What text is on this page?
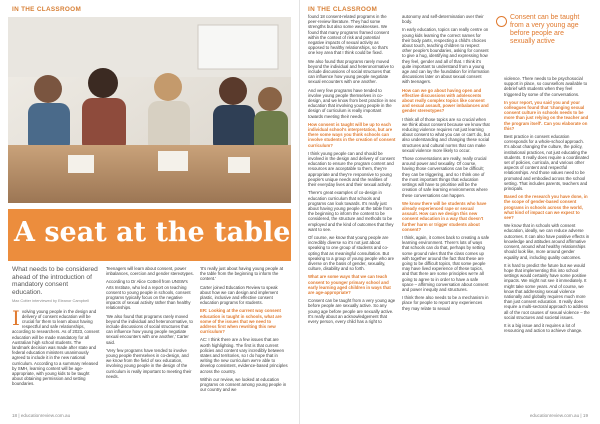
IN THE CLASSROOM
A seat at the table

What needs to be considered ahead of the introduction of mandatory consent education.

Max Cotter interviewed by Eleanor Campbell

Ivolving young people in the design and delivery of consent education will be crucial for them to learn about having respectful and safe relationships, according to researchers. As of 2023, consent education will be made mandatory for all Australian high school students. The landmark decision was made after state and federal education ministers unanimously agreed to include it in the new national curriculum. According to a summary released by SMH, learning content will be age-appropriate, with young kids to be taught about obtaining permission and setting boundaries.

Teenagers will learn about consent, power imbalances, coercion and gender stereotypes.

According to Dr Alice Cottrell from UNSW's Arts Institute, who led a report on teaching consent to young people in schools, consent programs typically focus on the negative impacts of sexual activity rather than healthy relationships.

'We also found that programs rarely moved beyond the individual and heteronormative, to include discussions of social structures that can influence how young people negotiate sexual encounters with one another,' Carter said.

'Very few programs have tended to involve young people themselves in co-design, and we know from the field of sex education, involving young people in the design of the curriculum is really important to meeting their needs.

'It's really just about having young people at the table from the beginning to inform the content.'

Carter joined Education Review to speak about how we can design and implement plastic, inclusive and effective consent education programs for students.

ER: Looking at the current way consent education is taught in schools, what are some of the issues that we need to address first when rewriting this new curriculum?

AC: I think there are a few issues that are worth highlighting. The first is that current policies and content vary incredibly between states and territories, so I do hope that in writing the new curriculum we're able to develop consistent, evidence-based principles across the country.

Within our review, we looked at education programs on consent among young people in our country and we

18 | educationreview.com.au
IN THE CLASSROOM

found 18 consent-related programs in the peer-review literature. They had some strengths but also some weaknesses. We found that many programs framed consent within the context of risk and potential negative impacts of sexual activity as opposed to healthy relationships, so that's one key area that I think could be fixed.

We also found that programs rarely moved beyond the individual and heteronormative to include discussions of social structures that can influence how young people negotiate sexual encounters with one another.

And very few programs have tended to involve young people themselves in co-design, and we know from best practice in sex education that involving young people in the design of curriculum is really important towards meeting their needs.

How consent is taught will be up to each individual school's interpretation, but are there some ways you think schools can involve students in the creation of consent curriculum?

I think young people can and should be involved in the design and delivery of consent education to ensure the program content and resources are acceptable to them, they're appropriate and they're responsive to young people's unique needs and the realities of their everyday lives and their sexual activity.

There's great examples of co-design in education curriculum that schools and programs can look towards. It's really just about having young people at the table from the beginning to inform the content to be considered, the structure and methods to be employed and the kind of outcomes that they want to see.

Of course, we know that young people are incredibly diverse so it's not just about speaking to one group of students and co-opting that as meaningful consultation. But speaking to a group of young people who are diverse on the basis of gender, sexuality, culture, disability and so forth.

What are some ways that we can teach consent to younger primary school and early learning aged children in ways that are age-appropriate?

Consent can be taught from a very young age before people are sexually active. So any young age before people are sexually active. It's really about an acknowledgement that every person, every child has a right to

autonomy and self-determination over their body.

In early education, topics can really centre on young kids learning the correct names for their body parts, respecting a child's choices about touch, teaching children to respect other people's boundaries, asking for consent to give a hug, identifying and expressing how they feel, gender and all of that. I think it's quite important to understand from a young age and can lay the foundation for information discussions later on about sexual consent with teenagers.

How can we go about having open and effective discussions with adolescents about really complex topics like consent and sexual assault, power imbalances and gender stereotypes?

I think all of those topics are so crucial when we think about consent because we know that reducing violence requires not just learning about consent to what you can or can't do, but also understanding and changing these social structures and cultural norms that can make sexual violence more likely to occur.

Those conversations are really, really crucial around power and sexuality. Of course, having those conversations can be difficult; they can be triggering, and so I think one of the most important things that education settings will have to prioritise will be the creation of safe learning environments where these conversations can happen.

We know there will be students who have already experienced rape or sexual assault. How can we design this new consent education in a way that doesn't further harm or trigger students about consent?

I think, again, it comes back to creating a safe learning environment. There's lots of ways that schools can do that, perhaps by setting some ground rules that the class comes up with together around the fact that these are going to be difficult topics, that some people may have lived experience of these topics, and that there are some principles we're all going to agree to in order to have a safe space – affirming conversation about consent and power inequity and structures.

I think there also needs to be a mechanism in place for people to report any experiences they may relate to sexual

Consent can be taught from a very young age before people are sexually active

violence. There needs to be psychosocial support in place, so counsellors available to debrief with students when they feel triggered by some of the conversations.

In your report, you said you and your colleagues found that 'changing sexual consent culture in schools needs to be more than just relying on the teacher and the program itself'. Can you elaborate on this?

Best practice in consent education corresponds for a whole-school approach. It's about changing the culture, the policy, institutional practices, not just educating the students. It really does require a coordinated set of policies, curricula, and various other aspects of content and respectful relationships. And those values need to be promoted and embodied across the school setting. That includes parents, teachers and principals.

Based on the research you have done, in the scope of gender-based consent programs in schools across the world, what kind of impact can we expect to see?

We know that in schools with consent education, ideally, we can reduce adverse outcomes. It can also have positive effects in knowledge and attitudes around affirmative consent, around what healthy relationships should look like, more around gender equality and, including quality outcomes.

It is hard to predict the future but we would hope that implementing this into school settings would certainly have some positive impacts. We might not see it immediately. It might take some years. And of course, we know that addressing sexual violence nationally and globally requires much more than just consent education. It really does require a multi-sectoral approach to address all of the root causes of sexual violence – the social structures and societal issues.

It is a big issue and it requires a lot of resourcing and action to achieve change.

educationreview.com.au | 19
